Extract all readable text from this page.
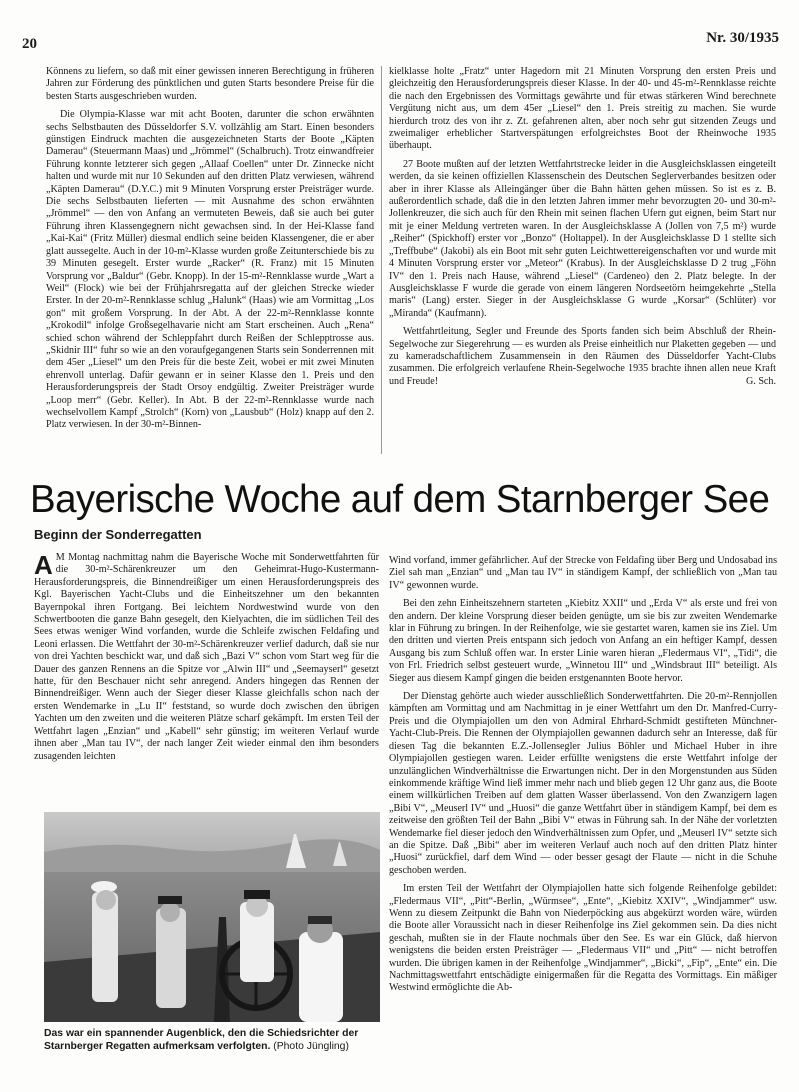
20	Nr. 30/1935

Könnens zu liefern, so daß mit einer gewissen inneren Berechtigung in früheren Jahren zur Förderung des pünktlichen und guten Starts besondere Preise für die besten Starts ausgeschrieben wurden.

Die Olympia-Klasse war mit acht Booten, darunter die schon erwähnten sechs Selbstbauten des Düsseldorfer S.V. vollzählig am Start. Einen besonders günstigen Eindruck machten die ausgezeichneten Starts der Boote „Käpten Damerau“ (Steuermann Maas) und „Jrömmel“ (Schalbruch). Trotz einwandfreier Führung konnte letzterer sich gegen „Allaaf Coellen“ unter Dr. Zinnecke nicht halten und wurde mit nur 10 Sekunden auf den dritten Platz verwiesen, während „Käpten Damerau“ (D.Y.C.) mit 9 Minuten Vorsprung erster Preisträger wurde. Die sechs Selbstbauten lieferten — mit Ausnahme des schon erwähnten „Jrömmel“ — den von Anfang an vermuteten Beweis, daß sie auch bei guter Führung ihren Klassengegnern nicht gewachsen sind. In der Hei-Klasse fand „Kai-Kai“ (Fritz Müller) diesmal endlich seine beiden Klassengener, die er aber glatt aussegelte. Auch in der 10-m²-Klasse wurden große Zeitunterschiede bis zu 39 Minuten gesegelt. Erster wurde „Racker“ (R. Franz) mit 15 Minuten Vorsprung vor „Baldur“ (Gebr. Knopp). In der 15-m²-Rennklasse wurde „Wart a Weil“ (Flock) wie bei der Frühjahrsregatta auf der gleichen Strecke wieder Erster. In der 20-m²-Rennklasse schlug „Halunk“ (Haas) wie am Vormittag „Los gon“ mit großem Vorsprung. In der Abt. A der 22-m²-Rennklasse konnte „Krokodil“ infolge Großsegelhavarie nicht am Start erscheinen. Auch „Rena“ schied schon während der Schleppfahrt durch Reißen der Schlepptrosse aus. „Skidnir III“ fuhr so wie an den voraufgegangenen Starts sein Sonderrennen mit dem 45er „Liesel“ um den Preis für die beste Zeit, wobei er mit zwei Minuten ehrenvoll unterlag. Dafür gewann er in seiner Klasse den 1. Preis und den Herausforderungspreis der Stadt Orsoy endgültig. Zweiter Preisträger wurde „Loop merr“ (Gebr. Keller). In Abt. B der 22-m²-Rennklasse wurde nach wechselvollem Kampf „Strolch“ (Korn) von „Lausbub“ (Holz) knapp auf den 2. Platz verwiesen. In der 30-m²-Binnen-

kielklasse holte „Fratz“ unter Hagedorn mit 21 Minuten Vorsprung den ersten Preis und gleichzeitig den Herausforderungspreis dieser Klasse. In der 40- und 45-m²-Rennklasse reichte die nach den Ergebnissen des Vormittags gewährte und für etwas stärkeren Wind berechnete Vergütung nicht aus, um dem 45er „Liesel“ den 1. Preis streitig zu machen. Sie wurde hierdurch trotz des von ihr z. Zt. gefahrenen alten, aber noch sehr gut sitzenden Zeugs und zweimaliger erheblicher Startverspätungen erfolgreichstes Boot der Rheinwoche 1935 überhaupt.

27 Boote mußten auf der letzten Wettfahrtstrecke leider in die Ausgleichsklassen eingeteilt werden, da sie keinen offiziellen Klassenschein des Deutschen Seglerverbandes besitzen oder aber in ihrer Klasse als Alleingänger über die Bahn hätten gehen müssen. So ist es z. B. außerordentlich schade, daß die in den letzten Jahren immer mehr bevorzugten 20- und 30-m²-Jollenkreuzer, die sich auch für den Rhein mit seinen flachen Ufern gut eignen, beim Start nur mit je einer Meldung vertreten waren. In der Ausgleichsklasse A (Jollen von 7,5 m²) wurde „Reiher“ (Spickhoff) erster vor „Bonzo“ (Holtappel). In der Ausgleichsklasse D 1 stellte sich „Treffbube“ (Jakobi) als ein Boot mit sehr guten Leichtwettereigenschaften vor und wurde mit 4 Minuten Vorsprung erster vor „Meteor“ (Krabus). In der Ausgleichsklasse D 2 trug „Föhn IV“ den 1. Preis nach Hause, während „Liesel“ (Cardeneo) den 2. Platz belegte. In der Ausgleichsklasse F wurde die gerade von einem längeren Nordseetörn heimgekehrte „Stella maris“ (Lang) erster. Sieger in der Ausgleichsklasse G wurde „Korsar“ (Schlüter) vor „Miranda“ (Kaufmann).

Wettfahrtleitung, Segler und Freunde des Sports fanden sich beim Abschluß der Rhein-Segelwoche zur Siegerehrung — es wurden als Preise einheitlich nur Plaketten gegeben — und zu kameradschaftlichem Zusammensein in den Räumen des Düsseldorfer Yacht-Clubs zusammen. Die erfolgreich verlaufene Rhein-Segelwoche 1935 brachte ihnen allen neue Kraft und Freude!	G. Sch.

Bayerische Woche auf dem Starnberger See
Beginn der Sonderregatten

A M Montag nachmittag nahm die Bayerische Woche mit Sonderwettfahrten für die 30-m²-Schärenkreuzer um den Geheimrat-Hugo-Kustermann-Herausforderungspreis, die Binnendreißiger um einen Herausforderungspreis des Kgl. Bayerischen Yacht-Clubs und die Einheitszehner um den bekannten Bayernpokal ihren Fortgang. Bei leichtem Nordwestwind wurde von den Schwertbooten die ganze Bahn gesegelt, den Kielyachten, die im südlichen Teil des Sees etwas weniger Wind vorfanden, wurde die Schleife zwischen Feldafing und Leoni erlassen. Die Wettfahrt der 30-m²-Schärenkreuzer verlief dadurch, daß sie nur von drei Yachten beschickt war, und daß sich „Bazi V“ schon vom Start weg für die Dauer des ganzen Rennens an die Spitze vor „Alwin III“ und „Seemayserl“ gesetzt hatte, für den Beschauer nicht sehr anregend. Anders hingegen das Rennen der Binnendreißiger. Wenn auch der Sieger dieser Klasse gleichfalls schon nach der ersten Wendemarke in „Lu II“ feststand, so wurde doch zwischen den übrigen Yachten um den zweiten und die weiteren Plätze scharf gekämpft. Im ersten Teil der Wettfahrt lagen „Enzian“ und „Kabell“ sehr günstig; im weiteren Verlauf wurde ihnen aber „Man tau IV“, der nach langer Zeit wieder einmal den ihm besonders zusagenden leichten

Das war ein spannender Augenblick, den die Schiedsrichter der Starnberger Regatten aufmerksam verfolgten. (Photo Jüngling)

Wind vorfand, immer gefährlicher. Auf der Strecke von Feldafing über Berg und Undosabad ins Ziel sah man „Enzian“ und „Man tau IV“ in ständigem Kampf, der schließlich von „Man tau IV“ gewonnen wurde.

Bei den zehn Einheitszehnern starteten „Kiebitz XXII“ und „Erda V“ als erste und frei von den andern. Der kleine Vorsprung dieser beiden genügte, um sie bis zur zweiten Wendemarke klar in Führung zu bringen. In der Reihenfolge, wie sie gestartet waren, kamen sie ins Ziel. Um den dritten und vierten Preis entspann sich jedoch von Anfang an ein heftiger Kampf, dessen Ausgang bis zum Schluß offen war. In erster Linie waren hieran „Fledermaus VI“, „Tidi“, die von Frl. Friedrich selbst gesteuert wurde, „Winnetou III“ und „Windsbraut III“ beteiligt. Als Sieger aus diesem Kampf gingen die beiden erstgenannten Boote hervor.

Der Dienstag gehörte auch wieder ausschließlich Sonderwettfahrten. Die 20-m²-Rennjollen kämpften am Vormittag und am Nachmittag in je einer Wettfahrt um den Dr. Manfred-Curry-Preis und die Olympiajollen um den von Admiral Ehrhard-Schmidt gestifteten Münchner-Yacht-Club-Preis. Die Rennen der Olympiajollen gewannen dadurch sehr an Interesse, daß für diesen Tag die bekannten E.Z.-Jollensegler Julius Böhler und Michael Huber in ihre Olympiajollen gestiegen waren. Leider erfüllte wenigstens die erste Wettfahrt infolge der unzulänglichen Windverhältnisse die Erwartungen nicht. Der in den Morgenstunden aus Süden einkommende kräftige Wind ließ immer mehr nach und blieb gegen 12 Uhr ganz aus, die Boote einem willkürlichen Treiben auf dem glatten Wasser überlassend. Von den Zwanzigern lagen „Bibi V“, „Meuserl IV“ und „Huosi“ die ganze Wettfahrt über in ständigem Kampf, bei dem es zeitweise den größten Teil der Bahn „Bibi V“ etwas in Führung sah. In der Nähe der vorletzten Wendemarke fiel dieser jedoch den Windverhältnissen zum Opfer, und „Meuserl IV“ setzte sich an die Spitze. Daß „Bibi“ aber im weiteren Verlauf auch noch auf den dritten Platz hinter „Huosi“ zurückfiel, darf dem Wind — oder besser gesagt der Flaute — nicht in die Schuhe geschoben werden.

Im ersten Teil der Wettfahrt der Olympiajollen hatte sich folgende Reihenfolge gebildet: „Fledermaus VII“, „Pitt“-Berlin, „Würmsee“, „Ente“, „Kiebitz XXIV“, „Windjammer“ usw. Wenn zu diesem Zeitpunkt die Bahn von Niederpöcking aus abgekürzt worden wäre, würden die Boote aller Voraussicht nach in dieser Reihenfolge ins Ziel gekommen sein. Da dies nicht geschah, mußten sie in der Flaute nochmals über den See. Es war ein Glück, daß hiervon wenigstens die beiden ersten Preisträger — „Fledermaus VII“ und „Pitt“ — nicht betroffen wurden. Die übrigen kamen in der Reihenfolge „Windjammer“, „Bicki“, „Fip“, „Ente“ ein. Die Nachmittagswettfahrt entschädigte einigermaßen für die Regatta des Vormittags. Ein mäßiger Westwind ermöglichte die Ab-
